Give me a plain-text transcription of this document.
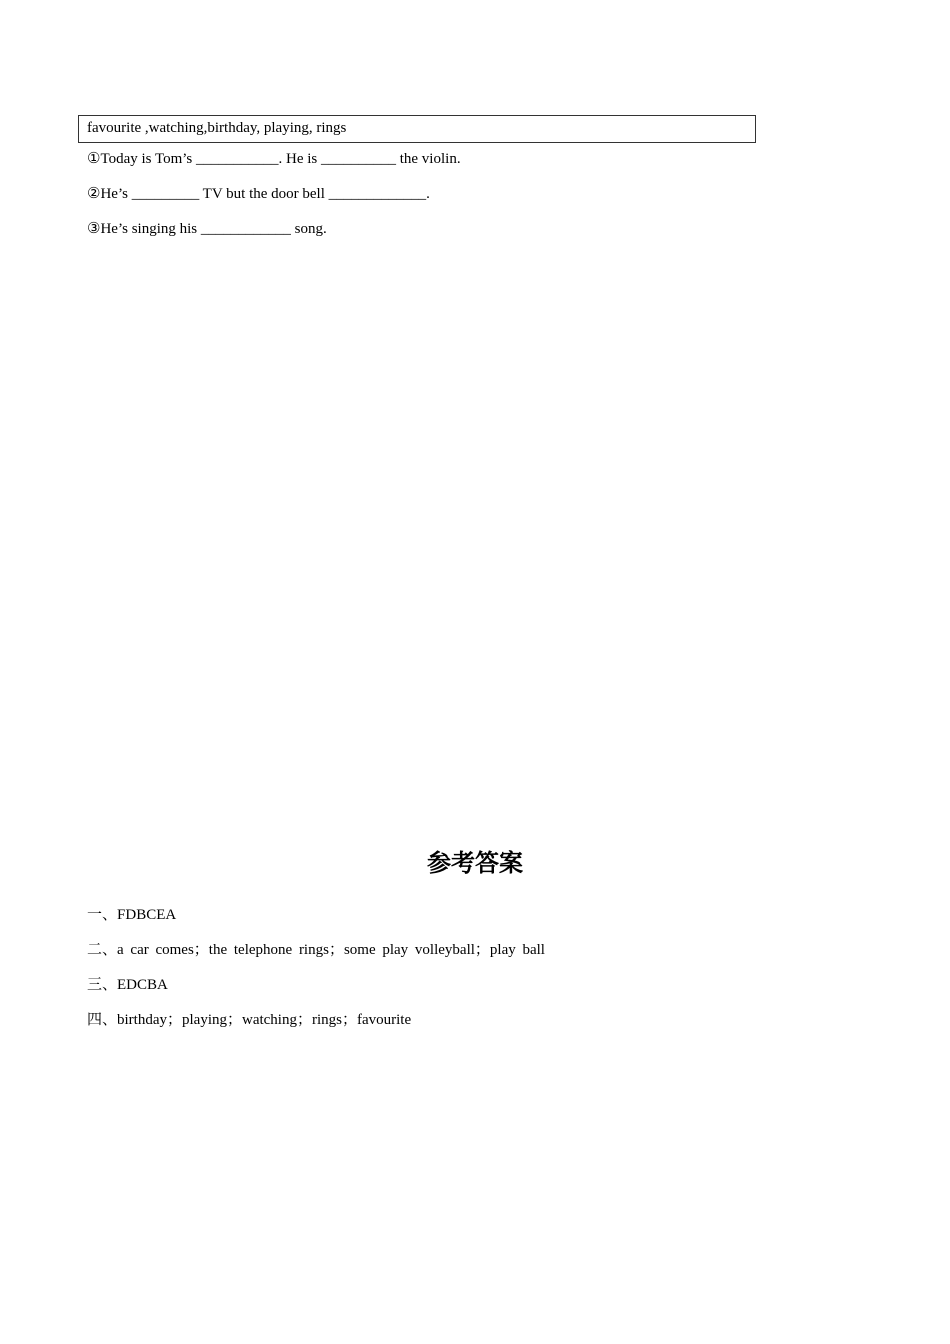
favourite ,watching,birthday, playing, rings
①Today is Tom’s ___________. He is __________ the violin.
②He’s _________ TV but the door bell _____________.
③He’s singing his ____________ song.
参考答案
一、FDBCEA
二、a car comes；the telephone rings；some play volleyball；play ball
三、EDCBA
四、birthday；playing；watching；rings；favourite
